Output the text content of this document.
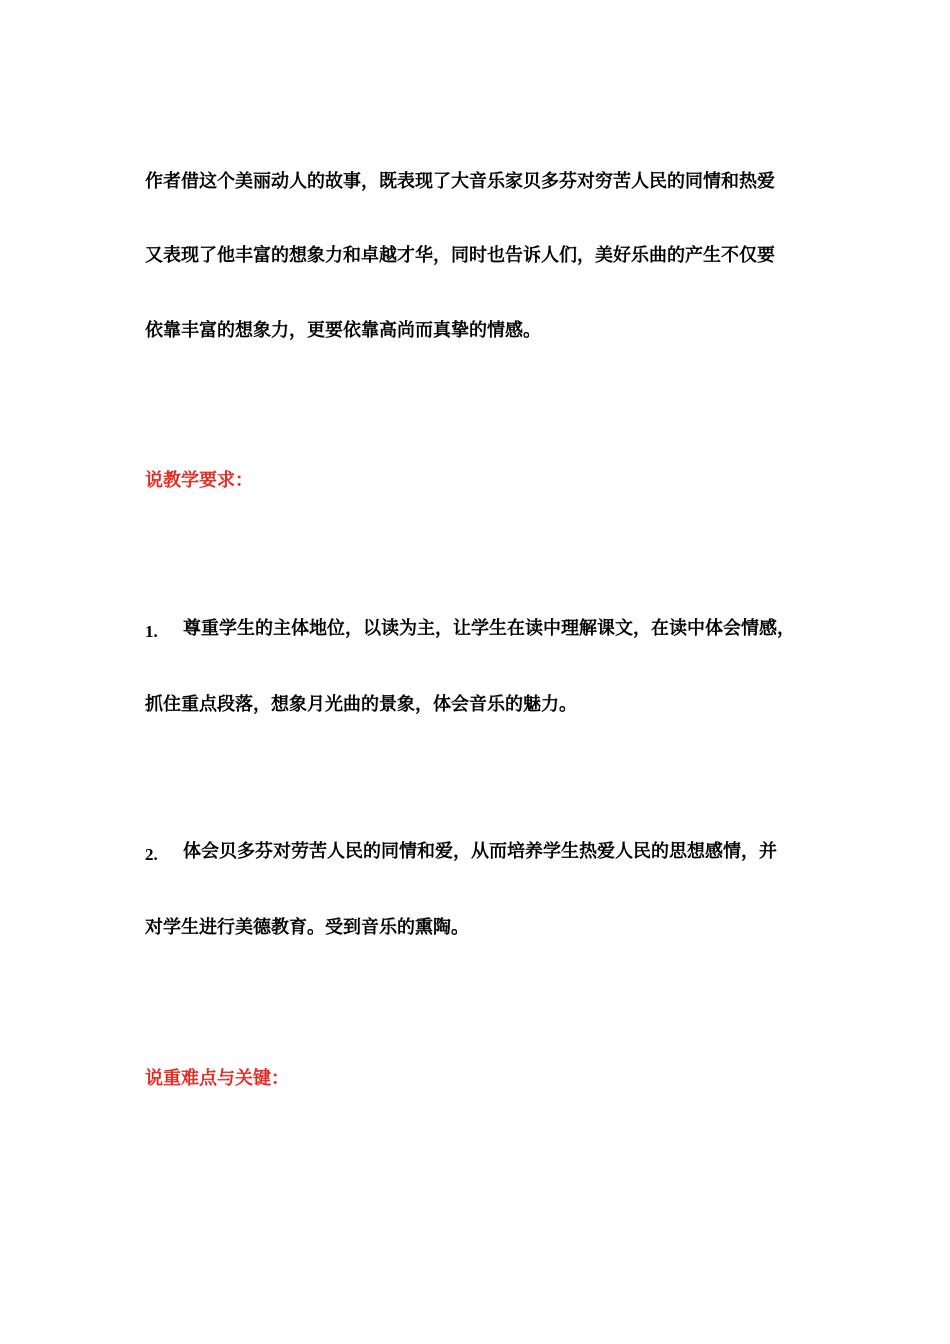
作者借这个美丽动人的故事，既表现了大音乐家贝多芬对穷苦人民的同情和热爱
又表现了他丰富的想象力和卓越才华，同时也告诉人们，美好乐曲的产生不仅要
依靠丰富的想象力，更要依靠高尚而真挚的情感。
说教学要求：
1. 尊重学生的主体地位，以读为主，让学生在读中理解课文，在读中体会情感，
抓住重点段落，想象月光曲的景象，体会音乐的魅力。
2. 体会贝多芬对劳苦人民的同情和爱，从而培养学生热爱人民的思想感情，并
对学生进行美德教育。受到音乐的熏陶。
说重难点与关键：
